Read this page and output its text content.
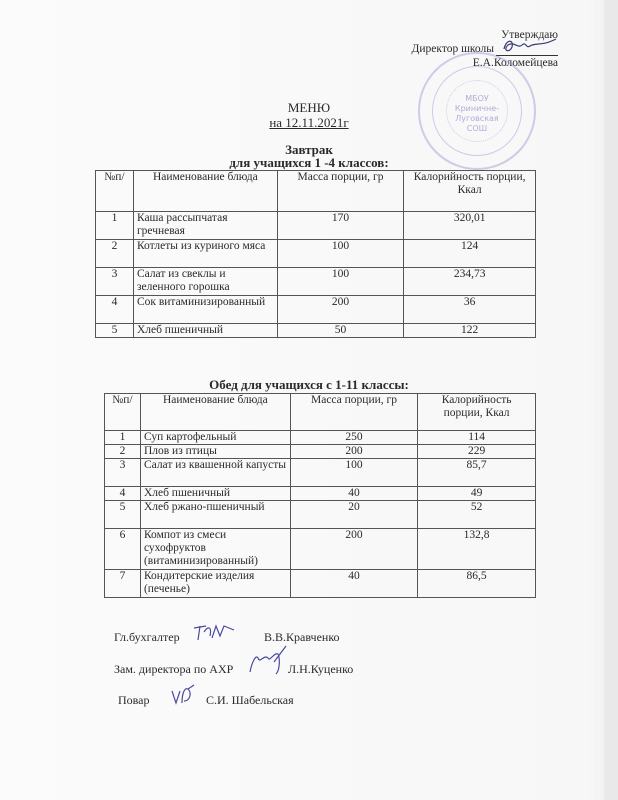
Утверждаю
Директор школы
Е.А.Коломейцева
МБОУ
Криничне-
Луговская
СОШ
МЕНЮ
на 12.11.2021г
Завтрак
для учащихся 1 -4 классов:
№п/	Наименование блюда	Масса порции, гр	Калорийность порции, Ккал
1	Каша рассыпчатая гречневая	170	320,01
2	Котлеты из куриного мяса	100	124
3	Салат из свеклы и зеленного горошка	100	234,73
4	Сок витаминизированный	200	36
5	Хлеб пшеничный	50	122
Обед для учащихся с 1-11 классы:
№п/	Наименование блюда	Масса порции, гр	Калорийность порции, Ккал
1	Суп картофельный	250	114
2	Плов из птицы	200	229
3	Салат из квашенной капусты	100	85,7
4	Хлеб пшеничный	40	49
5	Хлеб ржано-пшеничный	20	52
6	Компот из смеси сухофруктов (витаминизированный)	200	132,8
7	Кондитерские изделия (печенье)	40	86,5
Гл.бухгалтер	В.В.Кравченко
Зам. директора по АХР	Л.Н.Куценко
Повар	С.И. Шабельская
